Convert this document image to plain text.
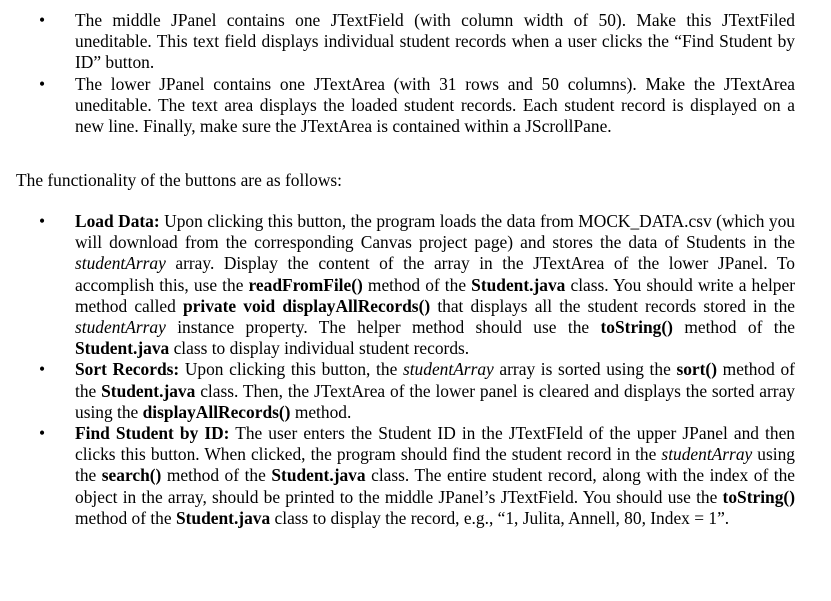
• The middle JPanel contains one JTextField (with column width of 50). Make this JTextFiled uneditable. This text field displays individual student records when a user clicks the “Find Student by ID” button.
• The lower JPanel contains one JTextArea (with 31 rows and 50 columns). Make the JTextArea uneditable. The text area displays the loaded student records. Each student record is displayed on a new line. Finally, make sure the JTextArea is contained within a JScrollPane.

The functionality of the buttons are as follows:

• Load Data: Upon clicking this button, the program loads the data from MOCK_DATA.csv (which you will download from the corresponding Canvas project page) and stores the data of Students in the studentArray array. Display the content of the array in the JTextArea of the lower JPanel. To accomplish this, use the readFromFile() method of the Student.java class. You should write a helper method called private void displayAllRecords() that displays all the student records stored in the studentArray instance property. The helper method should use the toString() method of the Student.java class to display individual student records.
• Sort Records: Upon clicking this button, the studentArray array is sorted using the sort() method of the Student.java class. Then, the JTextArea of the lower panel is cleared and displays the sorted array using the displayAllRecords() method.
• Find Student by ID: The user enters the Student ID in the JTextFIeld of the upper JPanel and then clicks this button. When clicked, the program should find the student record in the studentArray using the search() method of the Student.java class. The entire student record, along with the index of the object in the array, should be printed to the middle JPanel’s JTextField. You should use the toString() method of the Student.java class to display the record, e.g., “1, Julita, Annell, 80, Index = 1”.
